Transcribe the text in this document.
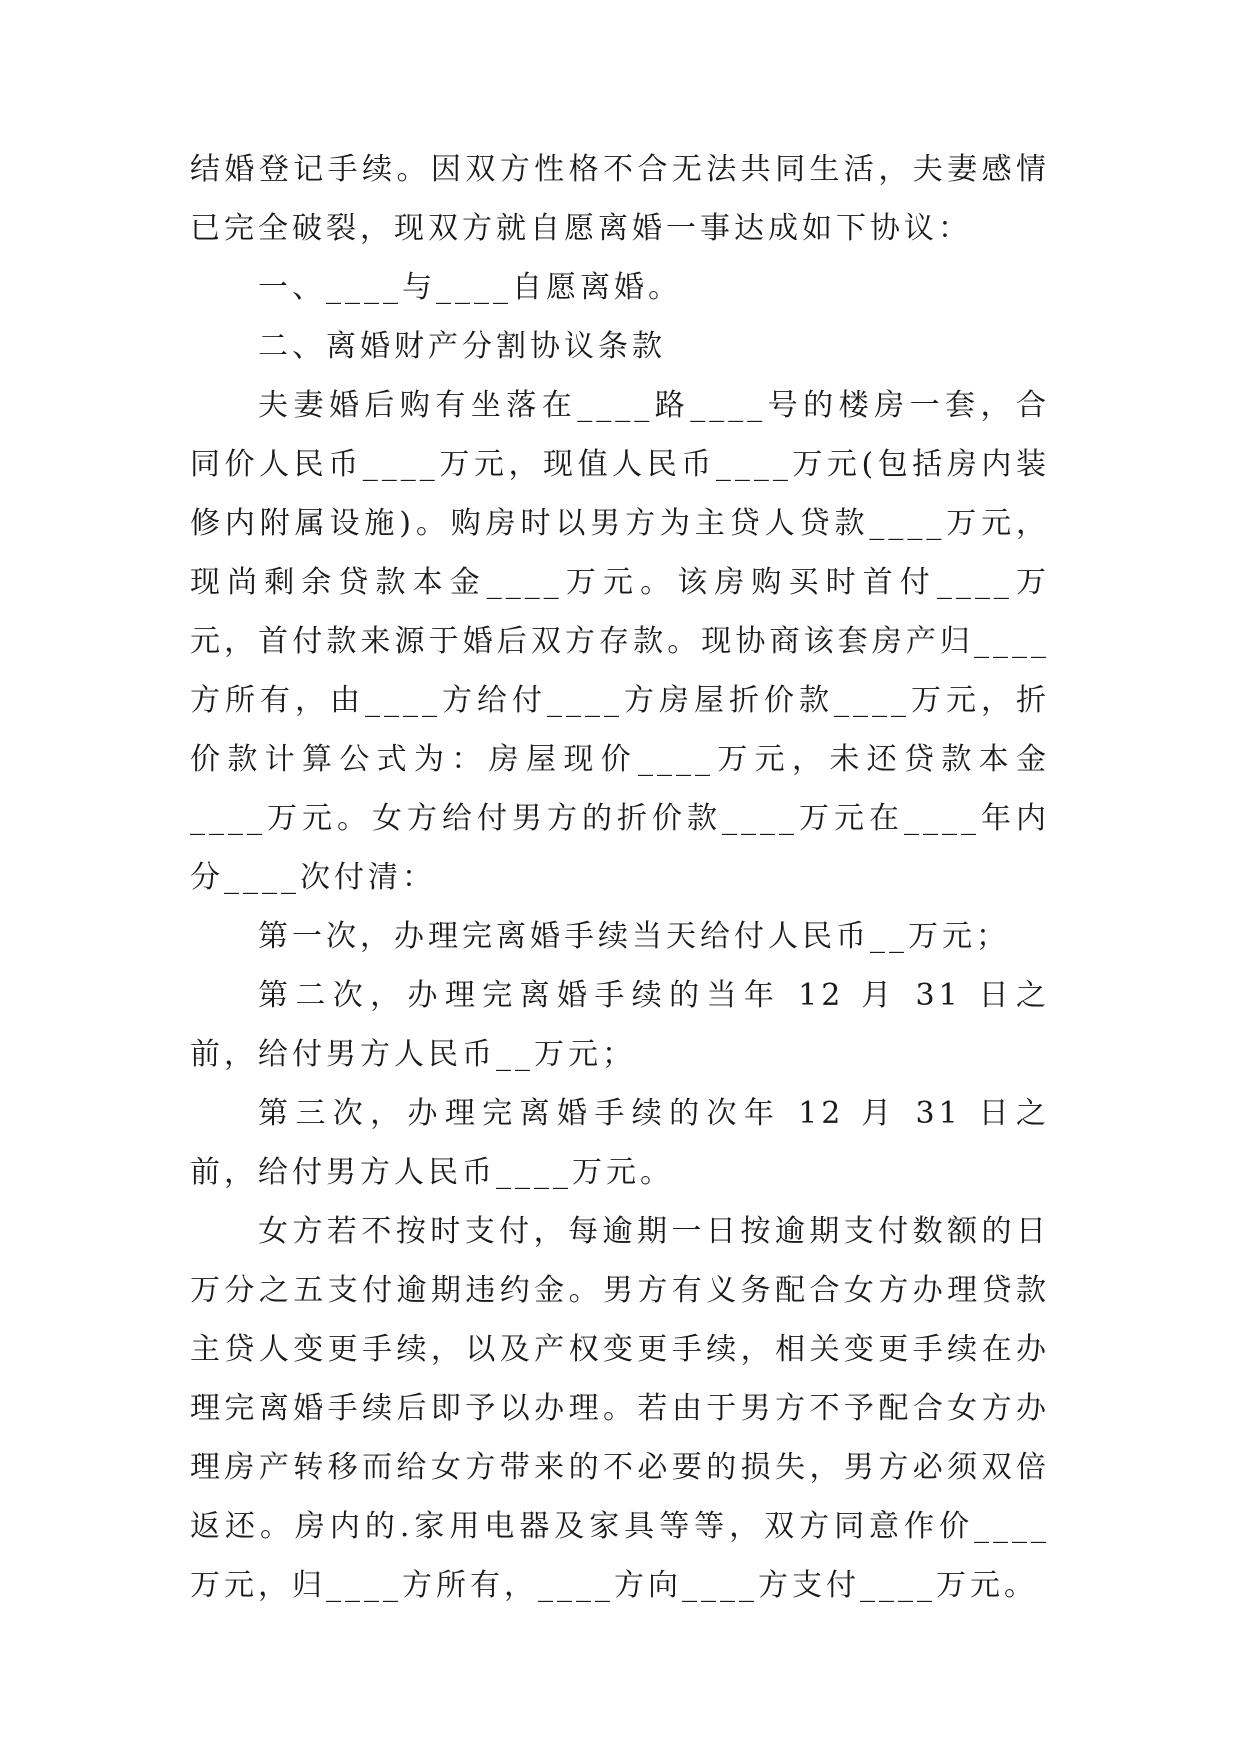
结婚登记手续。因双方性格不合无法共同生活，夫妻感情已完全破裂，现双方就自愿离婚一事达成如下协议：

一、____与____自愿离婚。

二、离婚财产分割协议条款

夫妻婚后购有坐落在____路____号的楼房一套，合同价人民币____万元，现值人民币____万元(包括房内装修内附属设施)。购房时以男方为主贷人贷款____万元，现尚剩余贷款本金____万元。该房购买时首付____万元，首付款来源于婚后双方存款。现协商该套房产归____方所有，由____方给付____方房屋折价款____万元，折价款计算公式为：房屋现价____万元，未还贷款本金____万元。女方给付男方的折价款____万元在____年内分____次付清：

第一次，办理完离婚手续当天给付人民币__万元；

第二次，办理完离婚手续的当年 12 月 31 日之前，给付男方人民币__万元；

第三次，办理完离婚手续的次年 12 月 31 日之前，给付男方人民币____万元。

女方若不按时支付，每逾期一日按逾期支付数额的日万分之五支付逾期违约金。男方有义务配合女方办理贷款主贷人变更手续，以及产权变更手续，相关变更手续在办理完离婚手续后即予以办理。若由于男方不予配合女方办理房产转移而给女方带来的不必要的损失，男方必须双倍返还。房内的.家用电器及家具等等，双方同意作价____万元，归____方所有，____方向____方支付____万元。
